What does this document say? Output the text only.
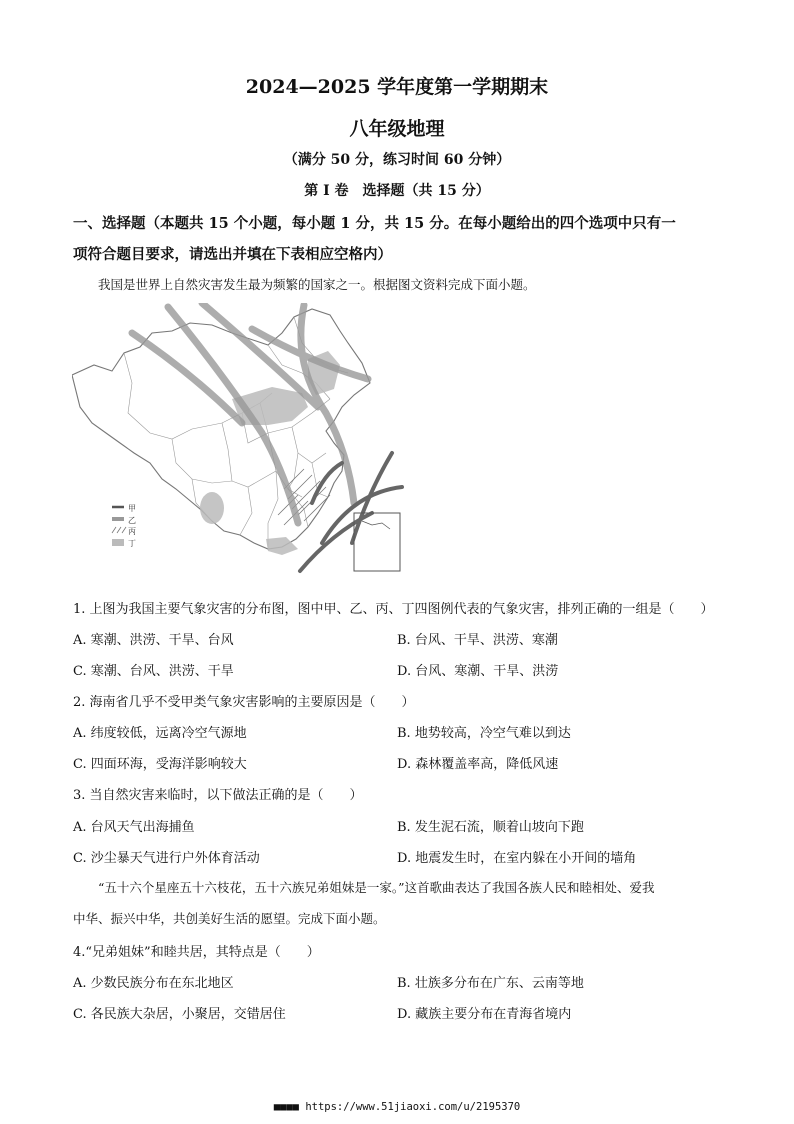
2024—2025 学年度第一学期期末
八年级地理
（满分 50 分，练习时间 60 分钟）
第 I 卷　选择题（共 15 分）
一、选择题（本题共 15 个小题，每小题 1 分，共 15 分。在每小题给出的四个选项中只有一
项符合题目要求，请选出并填在下表相应空格内）
我国是世界上自然灾害发生最为频繁的国家之一。根据图文资料完成下面小题。
甲
乙
丙
丁
1. 上图为我国主要气象灾害的分布图，图中甲、乙、丙、丁四图例代表的气象灾害，排列正确的一组是（　　）
A. 寒潮、洪涝、干旱、台风	B. 台风、干旱、洪涝、寒潮
C. 寒潮、台风、洪涝、干旱	D. 台风、寒潮、干旱、洪涝
2. 海南省几乎不受甲类气象灾害影响的主要原因是（　　）
A. 纬度较低，远离冷空气源地	B. 地势较高，冷空气难以到达
C. 四面环海，受海洋影响较大	D. 森林覆盖率高，降低风速
3. 当自然灾害来临时，以下做法正确的是（　　）
A. 台风天气出海捕鱼	B. 发生泥石流，顺着山坡向下跑
C. 沙尘暴天气进行户外体育活动	D. 地震发生时，在室内躲在小开间的墙角
“五十六个星座五十六枝花，五十六族兄弟姐妹是一家。”这首歌曲表达了我国各族人民和睦相处、爱我
中华、振兴中华，共创美好生活的愿望。完成下面小题。
4.“兄弟姐妹”和睦共居，其特点是（　　）
A. 少数民族分布在东北地区	B. 壮族多分布在广东、云南等地
C. 各民族大杂居，小聚居，交错居住	D. 藏族主要分布在青海省境内
■■■■ https://www.51jiaoxi.com/u/2195370
